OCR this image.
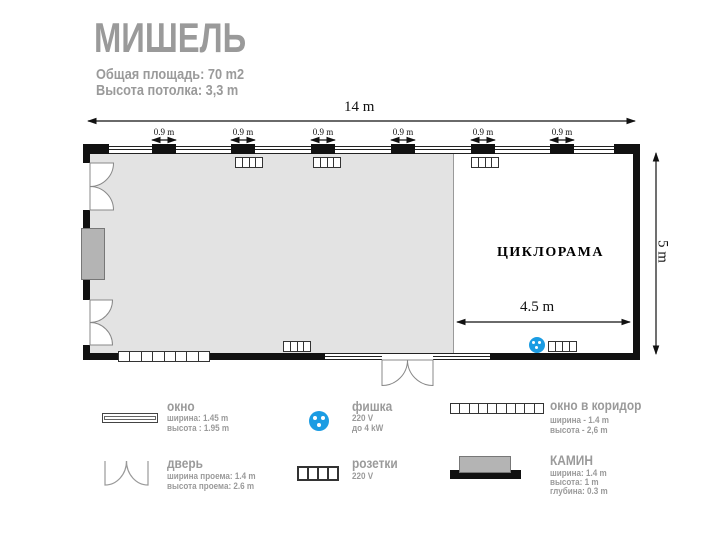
МИШЕЛЬ
Общая площадь: 70 m2
Высота потолка: 3,3 m
14 m
0.9 m	0.9 m	0.9 m	0.9 m	0.9 m	0.9 m
4.5 m
5 m
ЦИКЛОРАМА
окно
ширина: 1.45 m
высота : 1.95 m
фишка
220 V
до 4 kW
окно в коридор
ширина - 1.4 m
высота - 2,6 m
дверь
ширина проема: 1.4 m
высота проема: 2.6 m
розетки
220 V
КАМИН
ширина: 1.4 m
высота: 1 m
глубина: 0.3 m
